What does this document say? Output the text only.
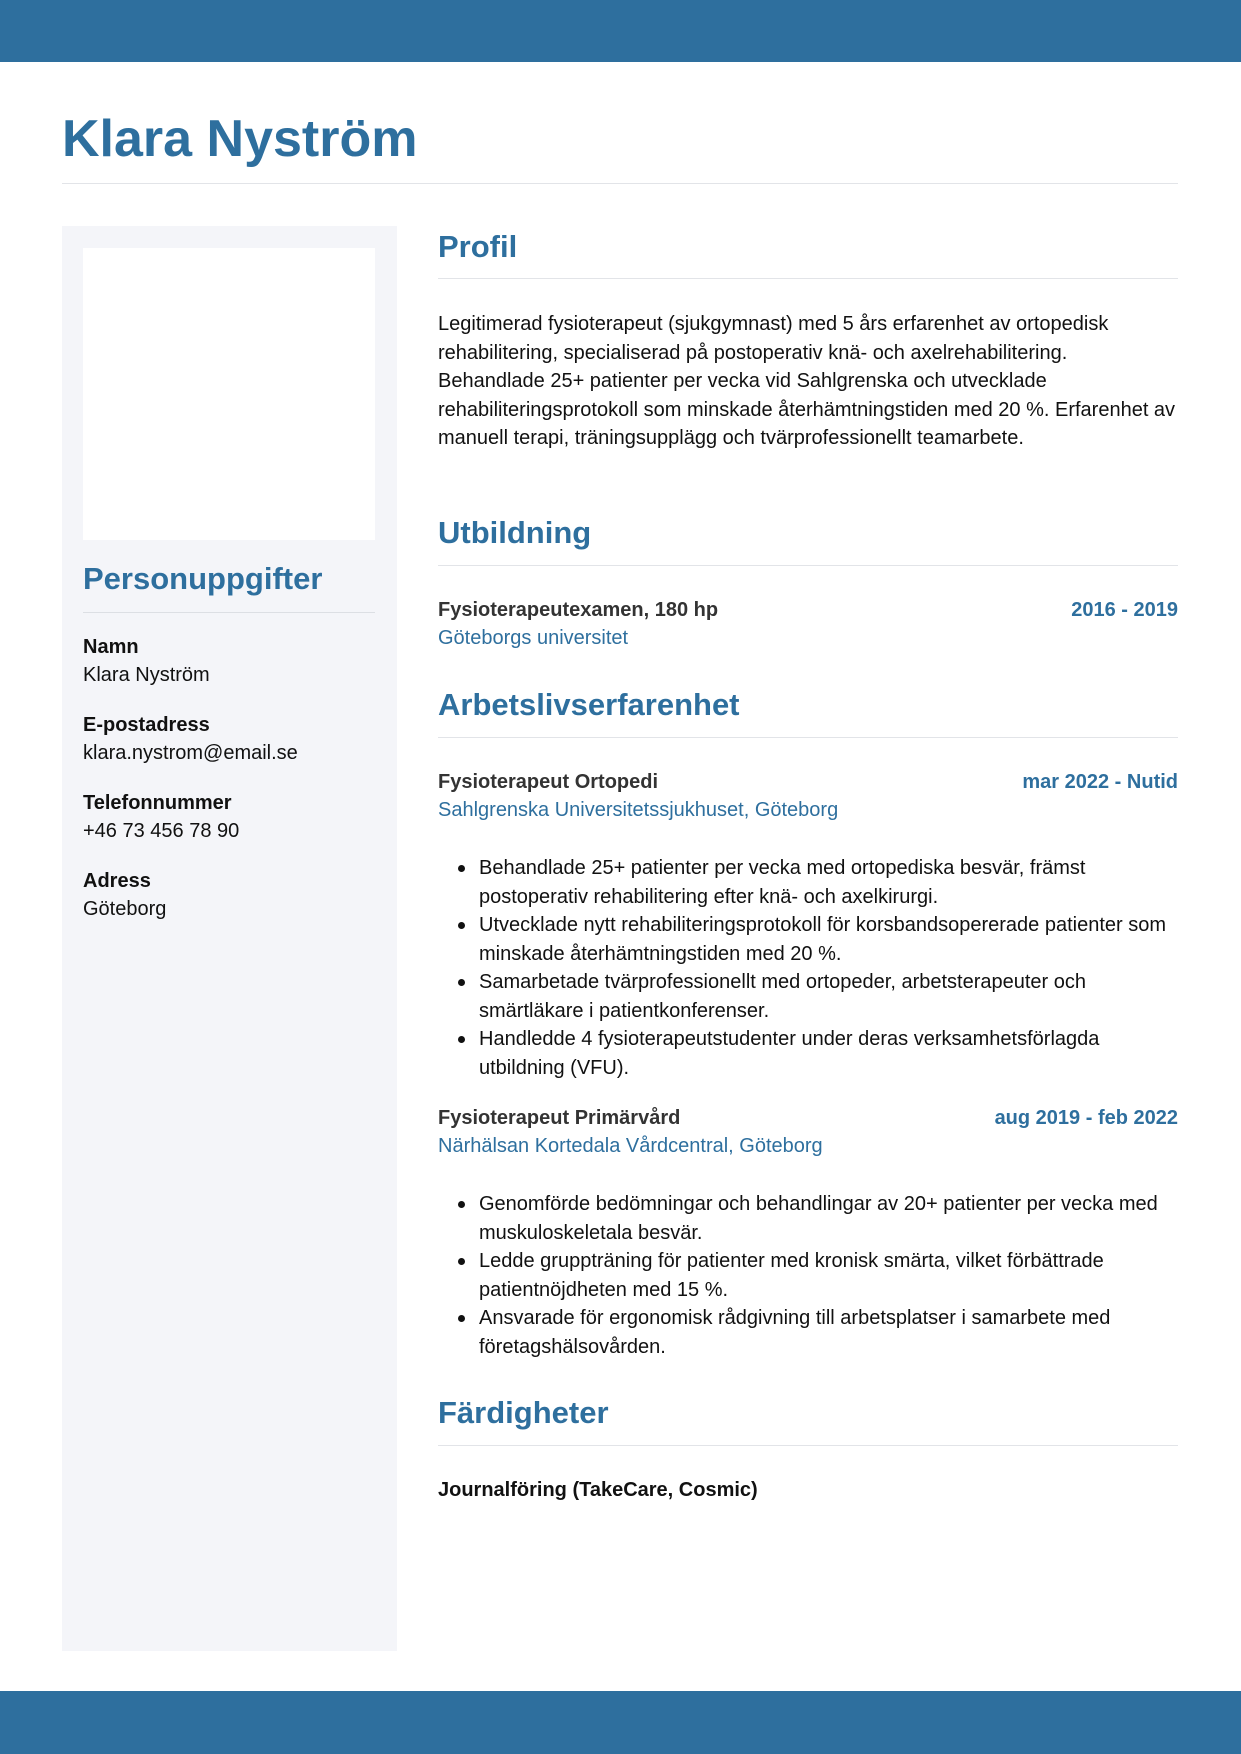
Klara Nyström
Personuppgifter
Namn
Klara Nyström
E-postadress
klara.nystrom@email.se
Telefonnummer
+46 73 456 78 90
Adress
Göteborg
Profil

Legitimerad fysioterapeut (sjukgymnast) med 5 års erfarenhet av ortopedisk rehabilitering, specialiserad på postoperativ knä- och axelrehabilitering. Behandlade 25+ patienter per vecka vid Sahlgrenska och utvecklade rehabiliteringsprotokoll som minskade återhämtningstiden med 20 %. Erfarenhet av manuell terapi, träningsupplägg och tvärprofessionellt teamarbete.

Utbildning
Fysioterapeutexamen, 180 hp	2016 - 2019
Göteborgs universitet
Arbetslivserfarenhet
Fysioterapeut Ortopedi	mar 2022 - Nutid
Sahlgrenska Universitetssjukhuset, Göteborg
Behandlade 25+ patienter per vecka med ortopediska besvär, främst postoperativ rehabilitering efter knä- och axelkirurgi.
Utvecklade nytt rehabiliteringsprotokoll för korsbandsopererade patienter som minskade återhämtningstiden med 20 %.
Samarbetade tvärprofessionellt med ortopeder, arbetsterapeuter och smärtläkare i patientkonferenser.
Handledde 4 fysioterapeutstudenter under deras verksamhetsförlagda utbildning (VFU).
Fysioterapeut Primärvård	aug 2019 - feb 2022
Närhälsan Kortedala Vårdcentral, Göteborg
Genomförde bedömningar och behandlingar av 20+ patienter per vecka med muskuloskeletala besvär.
Ledde gruppträning för patienter med kronisk smärta, vilket förbättrade patientnöjdheten med 15 %.
Ansvarade för ergonomisk rådgivning till arbetsplatser i samarbete med företagshälsovården.
Färdigheter
Journalföring (TakeCare, Cosmic)
